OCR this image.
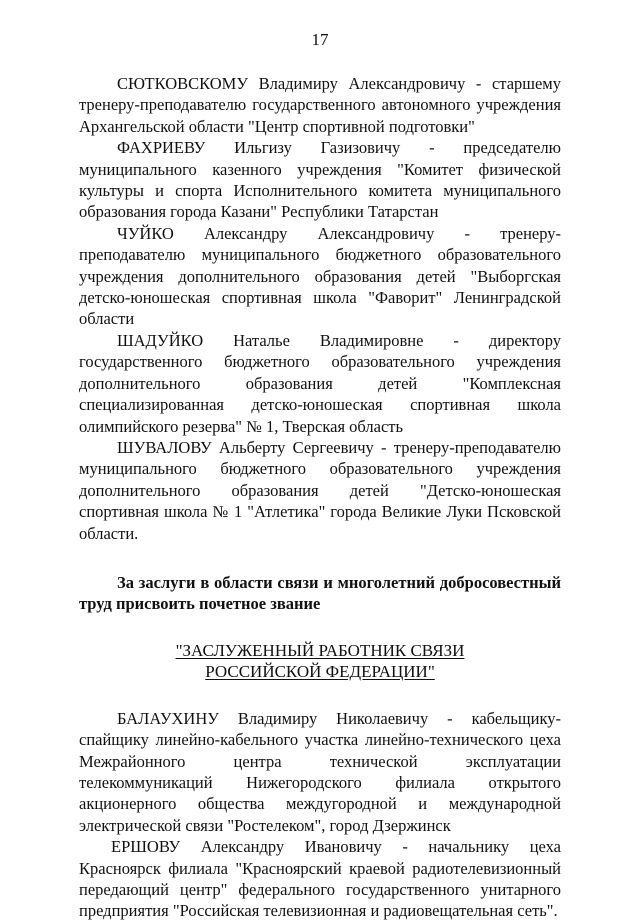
17

СЮТКОВСКОМУ Владимиру Александровичу - старшему тренеру-преподавателю государственного автономного учреждения Архангельской области "Центр спортивной подготовки"

ФАХРИЕВУ Ильгизу Газизовичу - председателю муниципального казенного учреждения "Комитет физической культуры и спорта Исполнительного комитета муниципального образования города Казани" Республики Татарстан

ЧУЙКО Александру Александровичу - тренеру-преподавателю муниципального бюджетного образовательного учреждения дополнительного образования детей "Выборгская детско-юношеская спортивная школа "Фаворит" Ленинградской области

ШАДУЙКО Наталье Владимировне - директору государственного бюджетного образовательного учреждения дополнительного образования детей "Комплексная специализированная детско-юношеская спортивная школа олимпийского резерва" № 1, Тверская область

ШУВАЛОВУ Альберту Сергеевичу - тренеру-преподавателю муниципального бюджетного образовательного учреждения дополнительного образования детей "Детско-юношеская спортивная школа № 1 "Атлетика" города Великие Луки Псковской области.

За заслуги в области связи и многолетний добросовестный труд присвоить почетное звание

"ЗАСЛУЖЕННЫЙ РАБОТНИК СВЯЗИ
РОССИЙСКОЙ ФЕДЕРАЦИИ"

БАЛАУХИНУ Владимиру Николаевичу - кабельщику-спайщику линейно-кабельного участка линейно-технического цеха Межрайонного центра технической эксплуатации телекоммуникаций Нижегородского филиала открытого акционерного общества междугородной и международной электрической связи "Ростелеком", город Дзержинск

ЕРШОВУ Александру Ивановичу - начальнику цеха Красноярск филиала "Красноярский краевой радиотелевизионный передающий центр" федерального государственного унитарного предприятия "Российская телевизионная и радиовещательная сеть".
